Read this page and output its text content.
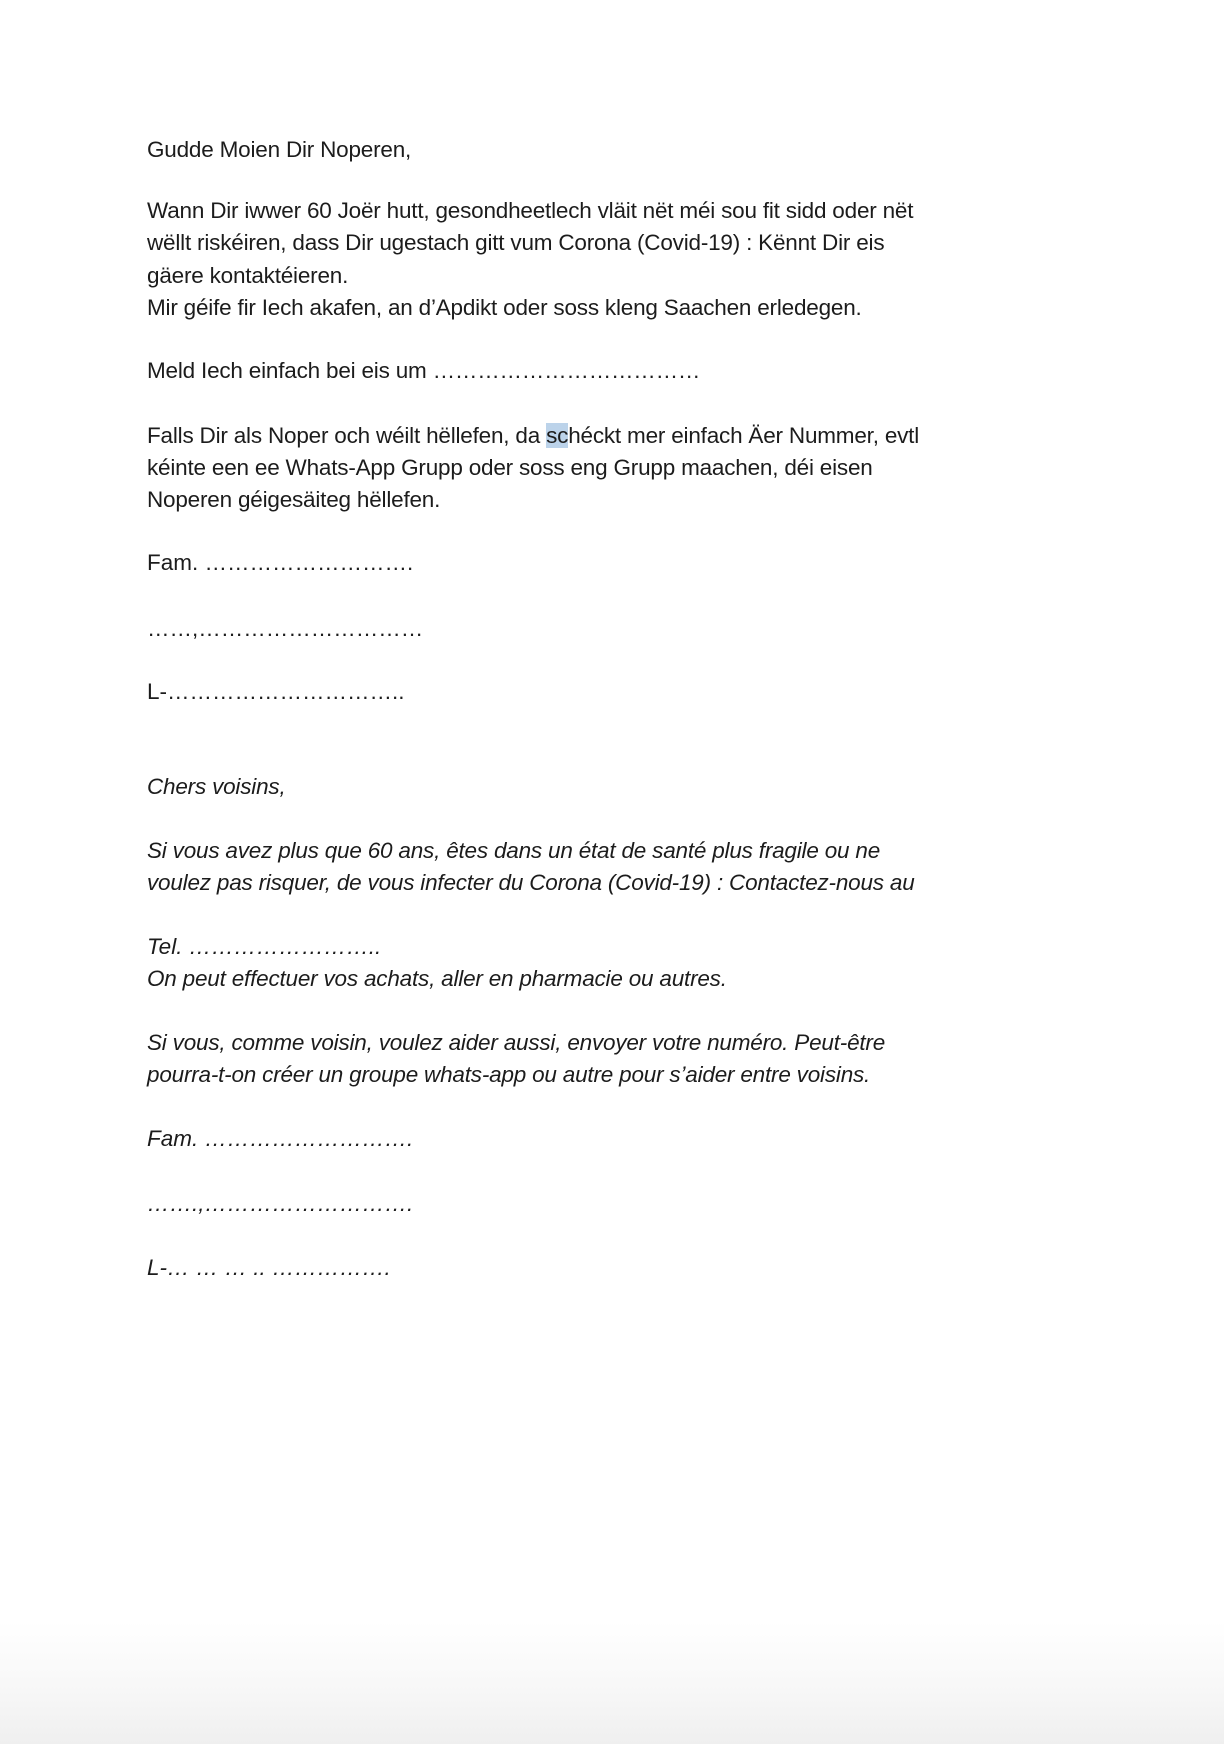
Gudde Moien Dir Noperen,
Wann Dir iwwer 60 Joër hutt, gesondheetlech vläit nët méi sou fit sidd oder nët
wëllt riskéiren, dass Dir ugestach gitt vum Corona (Covid-19) : Kënnt Dir eis
gäere kontaktéieren.
Mir géife fir Iech akafen, an d’Apdikt oder soss kleng Saachen erledegen.
Meld Iech einfach bei eis um ………………………………
Falls Dir als Noper och wéilt hëllefen, da schéckt mer einfach Äer Nummer, evtl
kéinte een ee Whats-App Grupp oder soss eng Grupp maachen, déi eisen
Noperen géigesäiteg hëllefen.
Fam. ……………………….
……,…………………………
L-…………………………..
Chers voisins,
Si vous avez plus que 60 ans, êtes dans un état de santé plus fragile ou ne
voulez pas risquer, de vous infecter du Corona (Covid-19) : Contactez-nous au
Tel. ……………………..
On peut effectuer vos achats, aller en pharmacie ou autres.
Si vous, comme voisin, voulez aider aussi, envoyer votre numéro. Peut-être
pourra-t-on créer un groupe whats-app ou autre pour s’aider entre voisins.
Fam. ……………………….
…….,……………………….
L-… … … .. …………….
